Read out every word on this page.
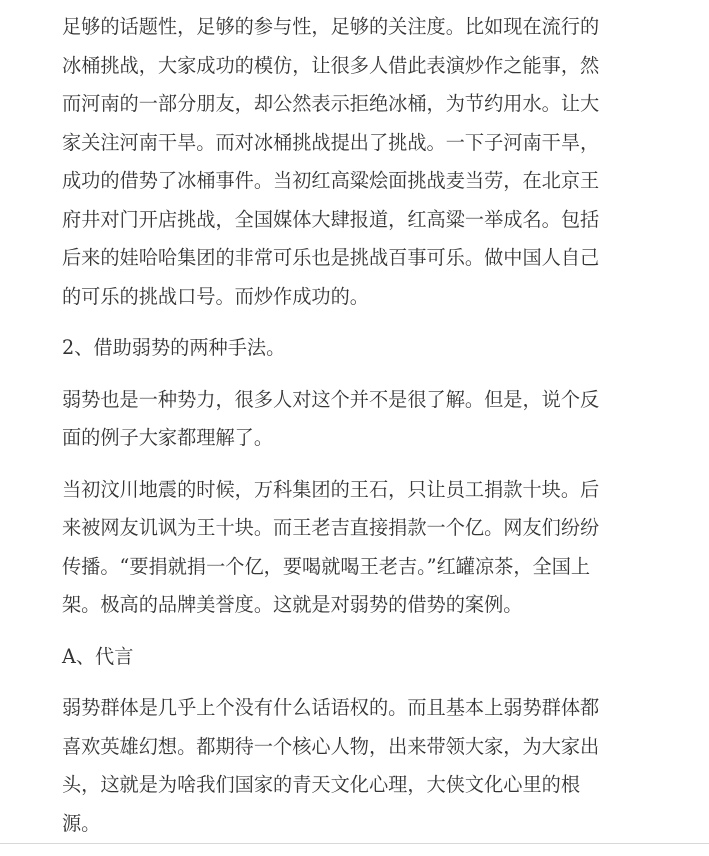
足够的话题性，足够的参与性，足够的关注度。比如现在流行的
冰桶挑战，大家成功的模仿，让很多人借此表演炒作之能事，然
而河南的一部分朋友，却公然表示拒绝冰桶，为节约用水。让大
家关注河南干旱。而对冰桶挑战提出了挑战。一下子河南干旱，
成功的借势了冰桶事件。当初红高粱烩面挑战麦当劳，在北京王
府井对门开店挑战，全国媒体大肆报道，红高粱一举成名。包括
后来的娃哈哈集团的非常可乐也是挑战百事可乐。做中国人自己
的可乐的挑战口号。而炒作成功的。

2、借助弱势的两种手法。

弱势也是一种势力，很多人对这个并不是很了解。但是，说个反
面的例子大家都理解了。

当初汶川地震的时候，万科集团的王石，只让员工捐款十块。后
来被网友讥讽为王十块。而王老吉直接捐款一个亿。网友们纷纷
传播。“要捐就捐一个亿，要喝就喝王老吉。”红罐凉茶，全国上
架。极高的品牌美誉度。这就是对弱势的借势的案例。

A、代言

弱势群体是几乎上个没有什么话语权的。而且基本上弱势群体都
喜欢英雄幻想。都期待一个核心人物，出来带领大家，为大家出
头，这就是为啥我们国家的青天文化心理，大侠文化心里的根
源。
